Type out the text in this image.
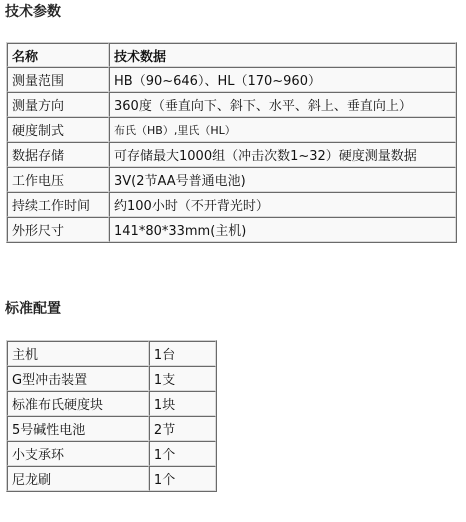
技术参数
名称	技术数据
测量范围	HB（90~646）、HL（170~960）
测量方向	360度（垂直向下、斜下、水平、斜上、垂直向上）
硬度制式	布氏（HB）,里氏（HL）
数据存储	可存储最大1000组（冲击次数1~32）硬度测量数据
工作电压	3V(2节AA号普通电池)
持续工作时间	约100小时（不开背光时）
外形尺寸	141*80*33mm(主机)
标准配置
主机	1台
G型冲击装置	1支
标准布氏硬度块	1块
5号碱性电池	2节
小支承环	1个
尼龙刷	1个
